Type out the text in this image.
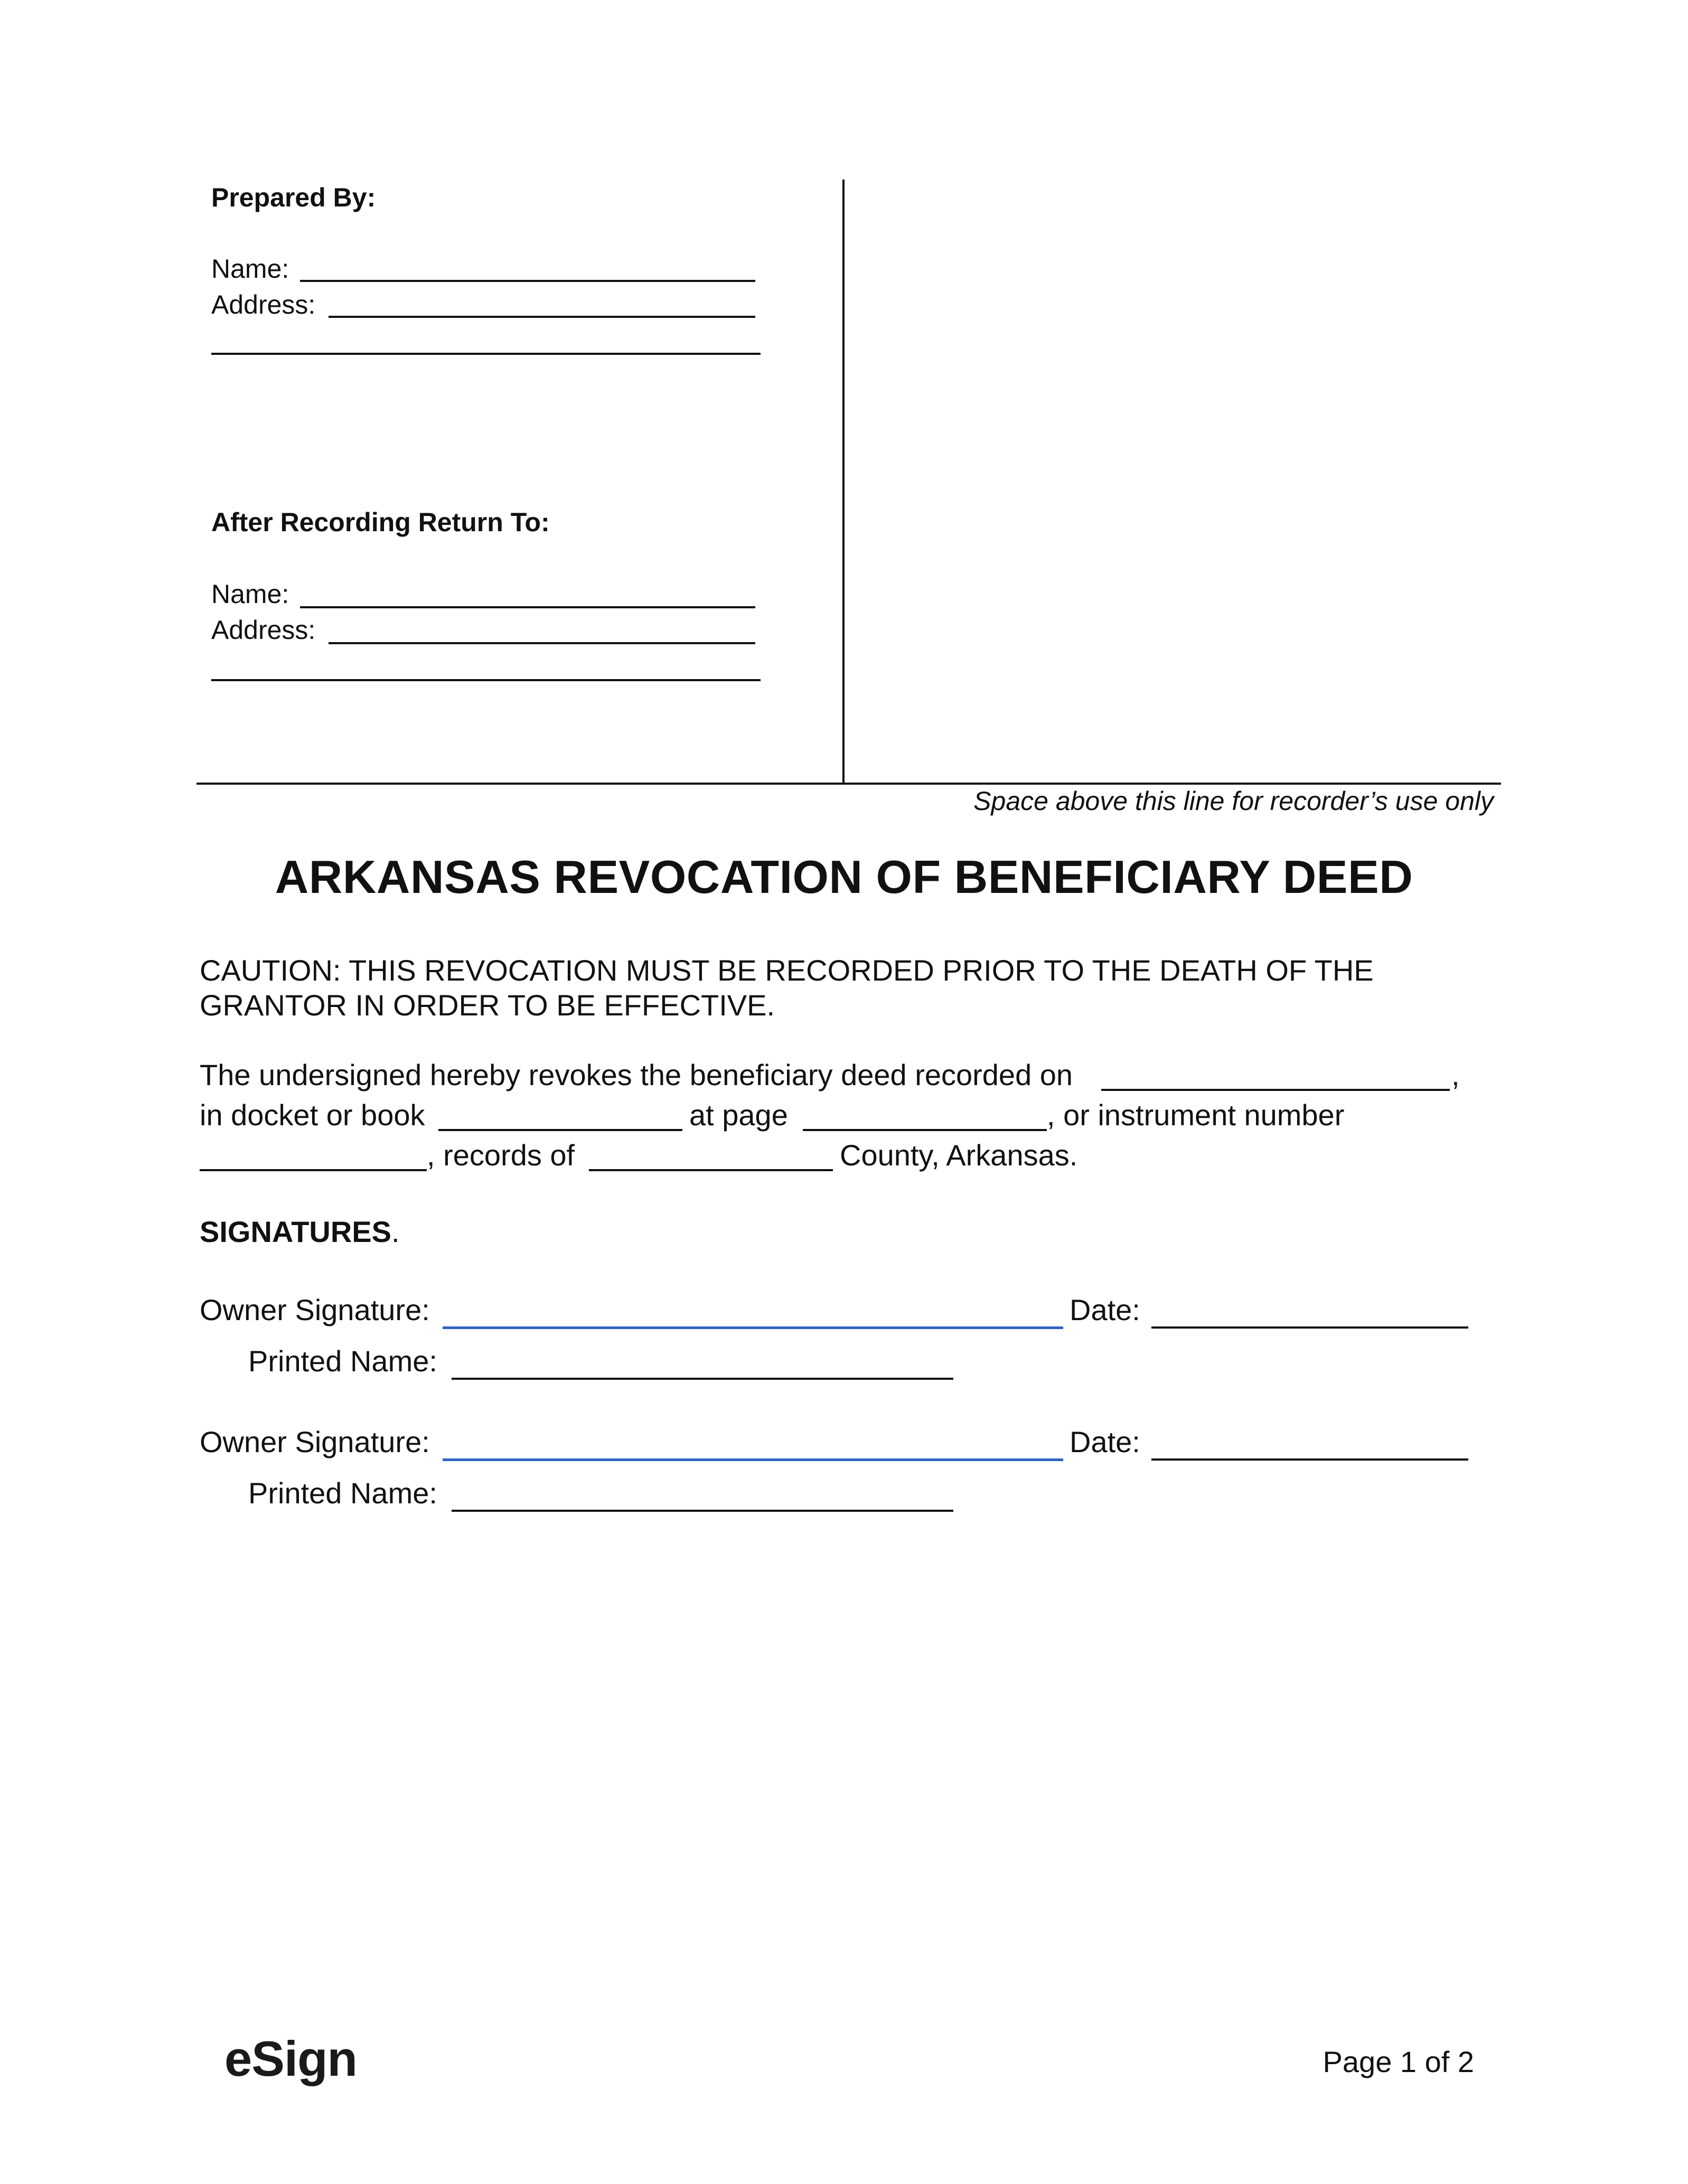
Prepared By:
Name:
Address:
After Recording Return To:
Name:
Address:
Space above this line for recorder’s use only
ARKANSAS REVOCATION OF BENEFICIARY DEED
CAUTION: THIS REVOCATION MUST BE RECORDED PRIOR TO THE DEATH OF THE
GRANTOR IN ORDER TO BE EFFECTIVE.
The undersigned hereby revokes the beneficiary deed recorded on	,
in docket or book	at page	, or instrument number
, records of	County, Arkansas.
SIGNATURES.
Owner Signature:	Date:
Printed Name:
Owner Signature:	Date:
Printed Name:
eSign	Page 1 of 2
